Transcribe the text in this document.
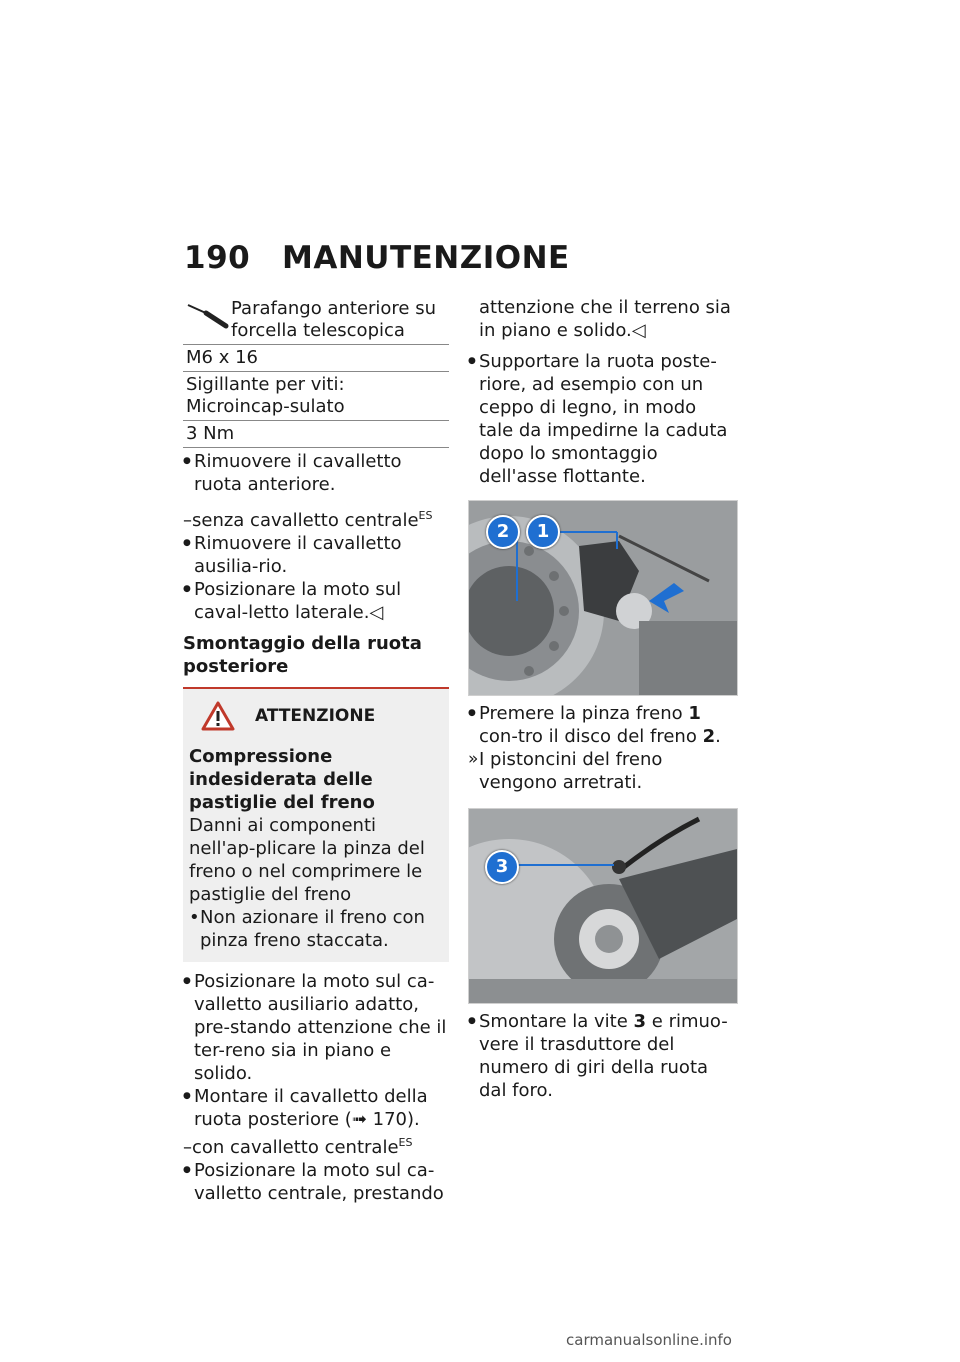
190 MANUTENZIONE
Parafango anteriore su forcella telescopica

M6 x 16
Sigillante per viti: Microincap-sulato
3 Nm

● Rimuovere il cavalletto ruota anteriore.

–senza cavalletto centrale$^{ES}$

● Rimuovere il cavalletto ausilia-rio.

● Posizionare la moto sul caval-letto laterale.◁

Smontaggio della ruota posteriore

ATTENZIONE

Compressione indesiderata delle pastiglie del freno

Danni ai componenti nell'ap-plicare la pinza del freno o nel comprimere le pastiglie del freno

• Non azionare il freno con pinza freno staccata.

● Posizionare la moto sul ca-valletto ausiliario adatto, pre-stando attenzione che il ter-reno sia in piano e solido.

● Montare il cavalletto della ruota posteriore (➟ 170).

–con cavalletto centrale$^{ES}$

● Posizionare la moto sul ca-valletto centrale, prestando

attenzione che il terreno sia in piano e solido.◁

● Supportare la ruota poste-riore, ad esempio con un ceppo di legno, in modo tale da impedirne la caduta dopo lo smontaggio dell'asse flottante.

2	1

● Premere la pinza freno 1 con-tro il disco del freno 2.

» I pistoncini del freno vengono arretrati.

3

● Smontare la vite 3 e rimuo-vere il trasduttore del numero di giri della ruota dal foro.

carmanualsonline.info
